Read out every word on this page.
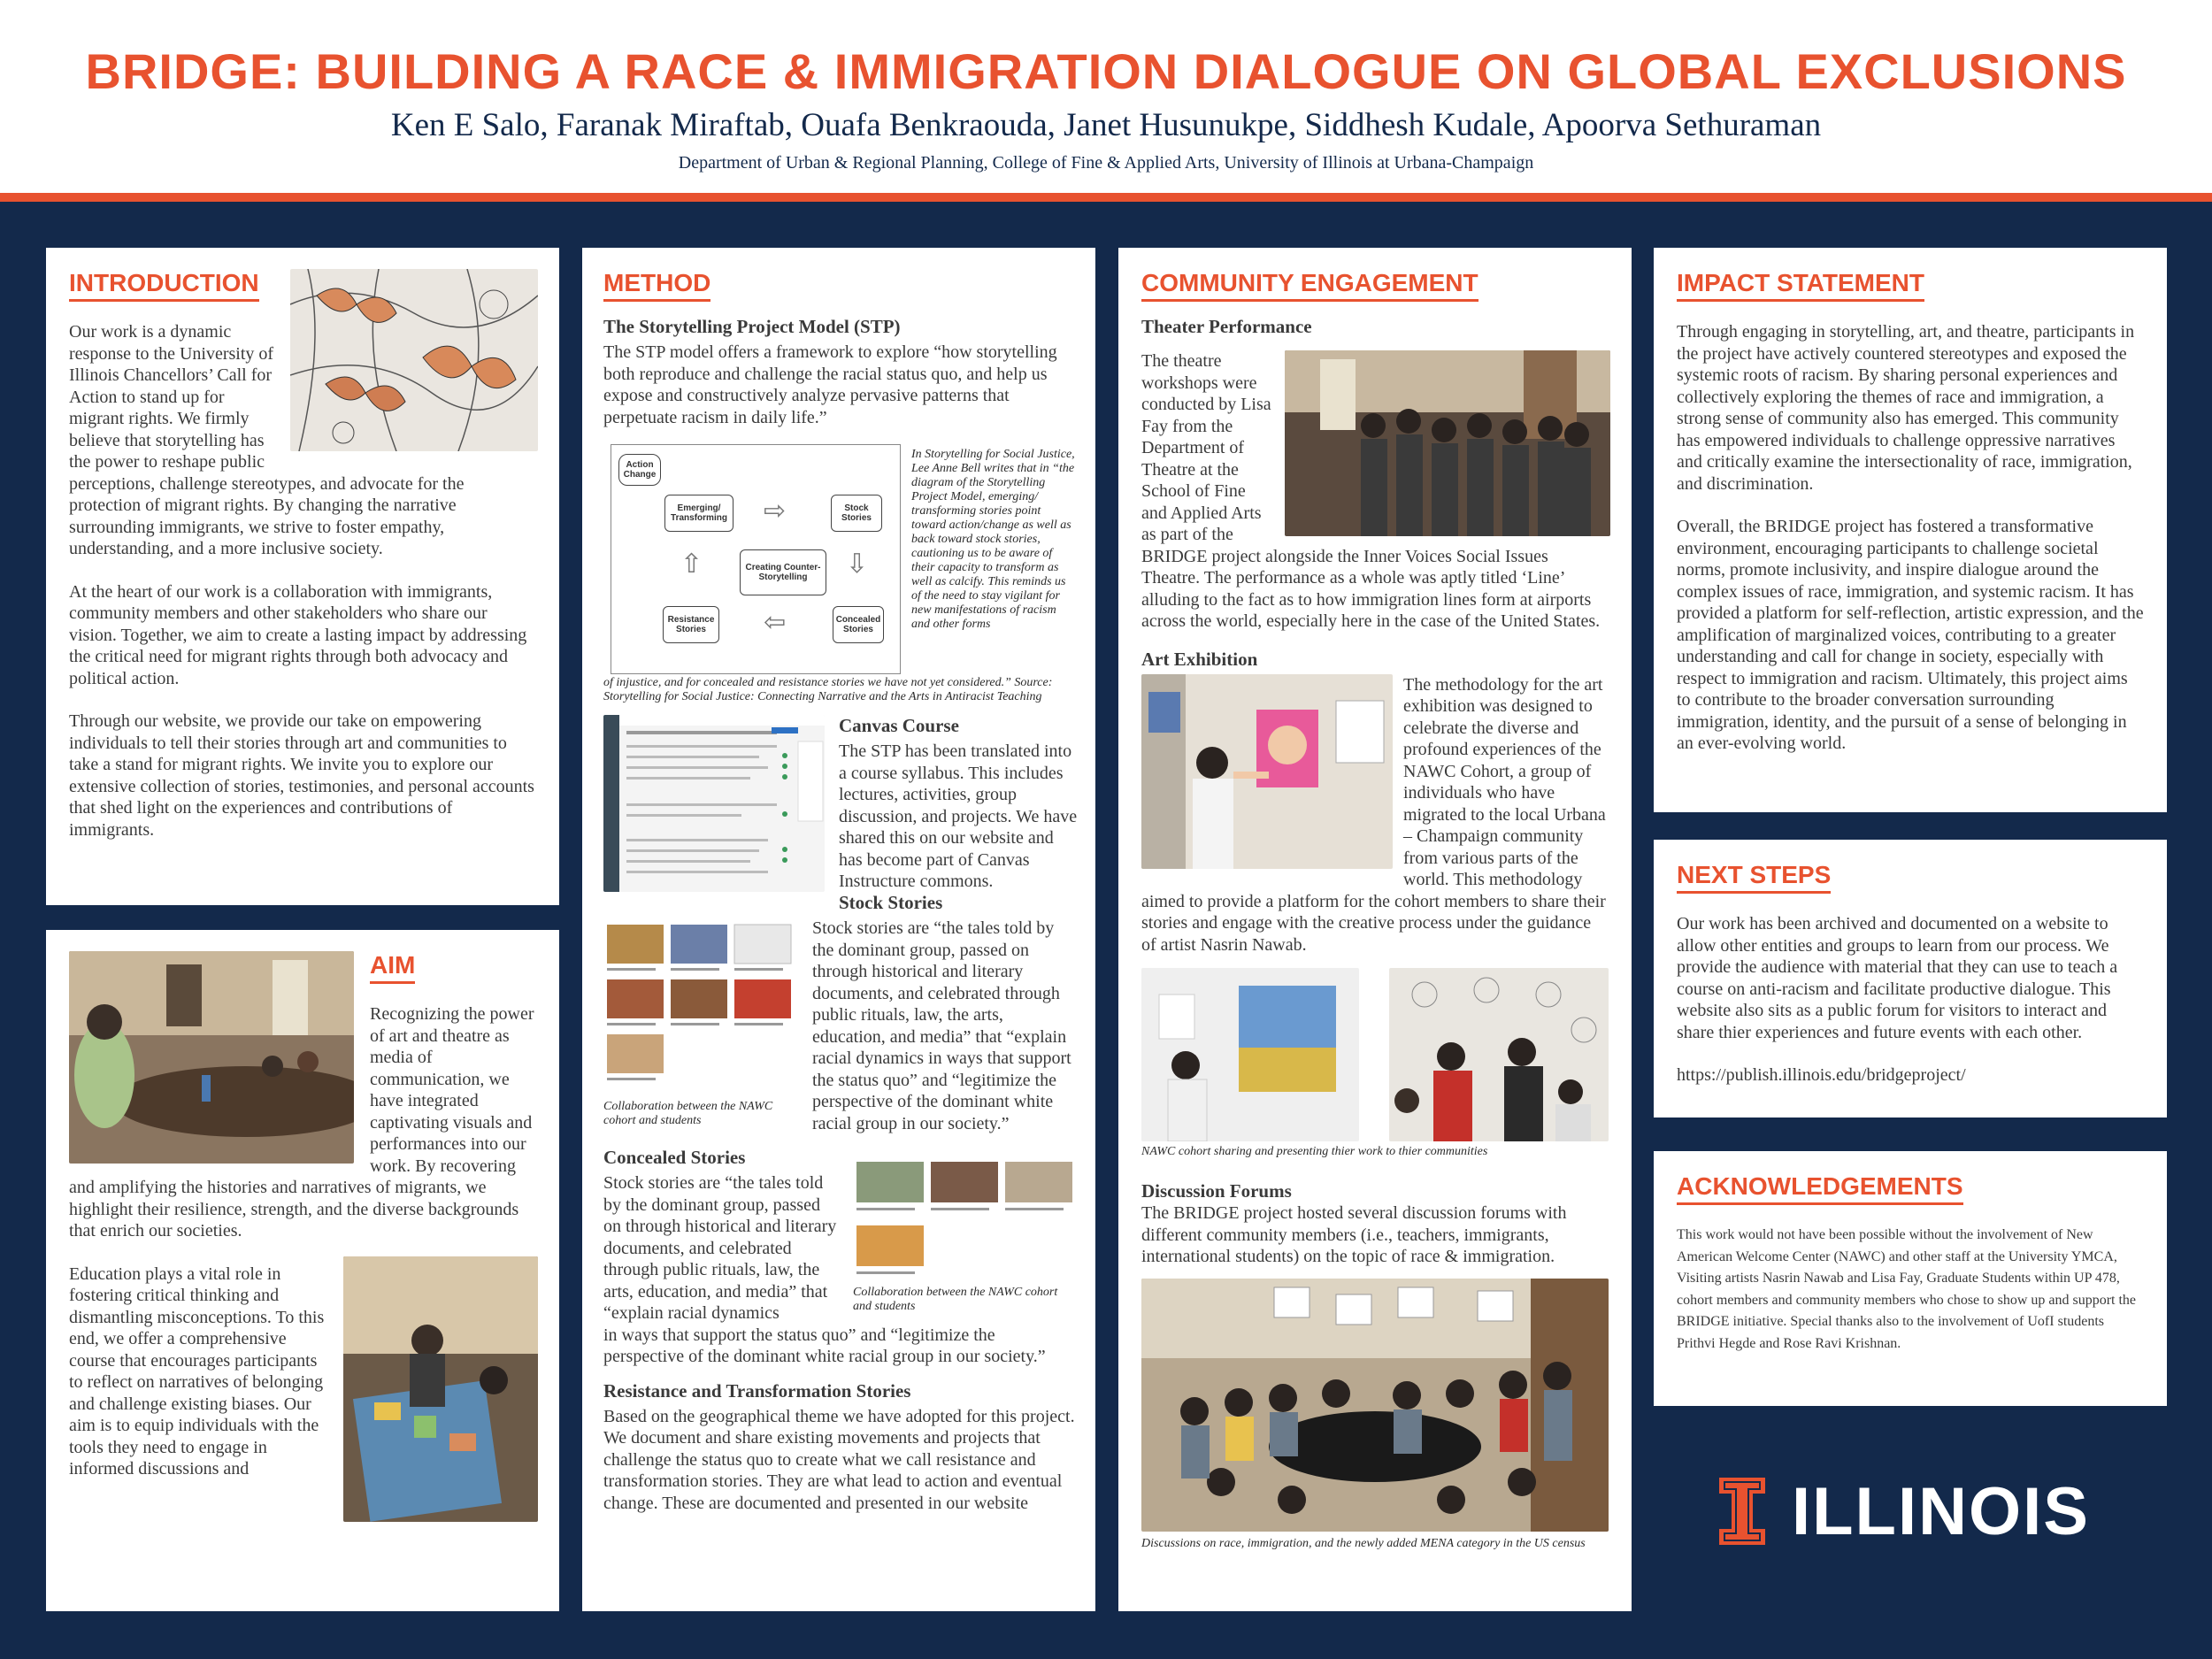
BRIDGE: BUILDING A RACE & IMMIGRATION DIALOGUE ON GLOBAL EXCLUSIONS
Ken E Salo, Faranak Miraftab, Ouafa Benkraouda, Janet Husunukpe, Siddhesh Kudale, Apoorva Sethuraman
Department of Urban & Regional Planning, College of Fine & Applied Arts, University of Illinois at Urbana-Champaign
INTRODUCTION
Our work is a dynamic response to the University of Illinois Chancellors’ Call for Action to stand up for migrant rights. We firmly believe that storytelling has the power to reshape public perceptions, challenge stereotypes, and advocate for the protection of migrant rights. By changing the narrative surrounding immigrants, we strive to foster empathy, understanding, and a more inclusive society.
At the heart of our work is a collaboration with immigrants, community members and other stakeholders who share our vision. Together, we aim to create a lasting impact by addressing the critical need for migrant rights through both advocacy and political action.
Through our website, we provide our take on empowering individuals to tell their stories through art and communities to take a stand for migrant rights. We invite you to explore our extensive collection of stories, testimonies, and personal accounts that shed light on the experiences and contributions of immigrants.
AIM
Recognizing the power of art and theatre as media of communication, we have integrated captivating visuals and performances into our work. By recovering and amplifying the histories and narratives of migrants, we highlight their resilience, strength, and the diverse backgrounds that enrich our societies.
Education plays a vital role in fostering critical thinking and dismantling misconceptions. To this end, we offer a comprehensive course that encourages participants to reflect on narratives of belonging and challenge existing biases. Our aim is to equip individuals with the tools they need to engage in informed discussions and
METHOD
The Storytelling Project Model (STP)
The STP model offers a framework to explore “how storytelling both reproduce and challenge the racial status quo, and help us expose and constructively analyze pervasive patterns that perpetuate racism in daily life.”
Action Change
Emerging/ Transforming
Stock Stories
Creating Counter-Storytelling
Resistance Stories
Concealed Stories
⇨
⇩
⇦
⇧
In Storytelling for Social Justice, Lee Anne Bell writes that in “the diagram of the Storytelling Project Model, emerging/ transforming stories point toward action/change as well as back toward stock stories, cautioning us to be aware of their capacity to transform as well as calcify. This reminds us of the need to stay vigilant for new manifestations of racism and other forms
of injustice, and for concealed and resistance stories we have not yet considered.” Source: Storytelling for Social Justice: Connecting Narrative and the Arts in Antiracist Teaching
Canvas Course
The STP has been translated into a course syllabus. This includes lectures, activities, group discussion, and projects. We have shared this on our website and has become part of Canvas Instructure commons.
Stock Stories
Collaboration between the NAWC cohort and students
Stock stories are “the tales told by the dominant group, passed on through historical and literary documents, and celebrated through public rituals, law, the arts, education, and media” that “explain racial dynamics in ways that support the status quo” and “legitimize the perspective of the dominant white racial group in our society.”
Concealed Stories
Collaboration between the NAWC cohort and students
Stock stories are “the tales told by the dominant group, passed on through historical and literary documents, and celebrated through public rituals, law, the arts, education, and media” that “explain racial dynamics
in ways that support the status quo” and “legitimize the perspective of the dominant white racial group in our society.”
Resistance and Transformation Stories
Based on the geographical theme we have adopted for this project. We document and share existing movements and projects that challenge the status quo to create what we call resistance and transformation stories. They are what lead to action and eventual change. These are documented and presented in our website
COMMUNITY ENGAGEMENT
Theater Performance
The theatre workshops were conducted by Lisa Fay from the Department of Theatre at the School of Fine and Applied Arts as part of the BRIDGE project alongside the Inner Voices Social Issues Theatre. The performance as a whole was aptly titled ‘Line’ alluding to the fact as to how immigration lines form at airports across the world, especially here in the case of the United States.
Art Exhibition
The methodology for the art exhibition was designed to celebrate the diverse and profound experiences of the NAWC Cohort, a group of individuals who have migrated to the local Urbana – Champaign community from various parts of the world. This methodology aimed to provide a platform for the cohort members to share their stories and engage with the creative process under the guidance of artist Nasrin Nawab.
NAWC cohort sharing and presenting thier work to thier communities
Discussion Forums
The BRIDGE project hosted several discussion forums with different community members (i.e., teachers, immigrants, international students) on the topic of race & immigration.
Discussions on race, immigration, and the newly added MENA category in the US census
IMPACT STATEMENT
Through engaging in storytelling, art, and theatre, participants in the project have actively countered stereotypes and exposed the systemic roots of racism. By sharing personal experiences and collectively exploring the themes of race and immigration, a strong sense of community also has emerged. This community has empowered individuals to challenge oppressive narratives and critically examine the intersectionality of race, immigration, and discrimination.
Overall, the BRIDGE project has fostered a transformative environment, encouraging participants to challenge societal norms, promote inclusivity, and inspire dialogue around the complex issues of race, immigration, and systemic racism. It has provided a platform for self-reflection, artistic expression, and the amplification of marginalized voices, contributing to a greater understanding and call for change in society, especially with respect to immigration and racism. Ultimately, this project aims to contribute to the broader conversation surrounding immigration, identity, and the pursuit of a sense of belonging in an ever-evolving world.
NEXT STEPS
Our work has been archived and documented on a website to allow other entities and groups to learn from our process. We provide the audience with material that they can use to teach a course on anti-racism and facilitate productive dialogue. This website also sits as a public forum for visitors to interact and share thier experiences and future events with each other.
https://publish.illinois.edu/bridgeproject/
ACKNOWLEDGEMENTS
This work would not have been possible without the involvement of New American Welcome Center (NAWC) and other staff at the University YMCA, Visiting artists Nasrin Nawab and Lisa Fay, Graduate Students within UP 478, cohort members and community members who chose to show up and support the BRIDGE initiative. Special thanks also to the involvement of UofI students Prithvi Hegde and Rose Ravi Krishnan.
ILLINOIS
